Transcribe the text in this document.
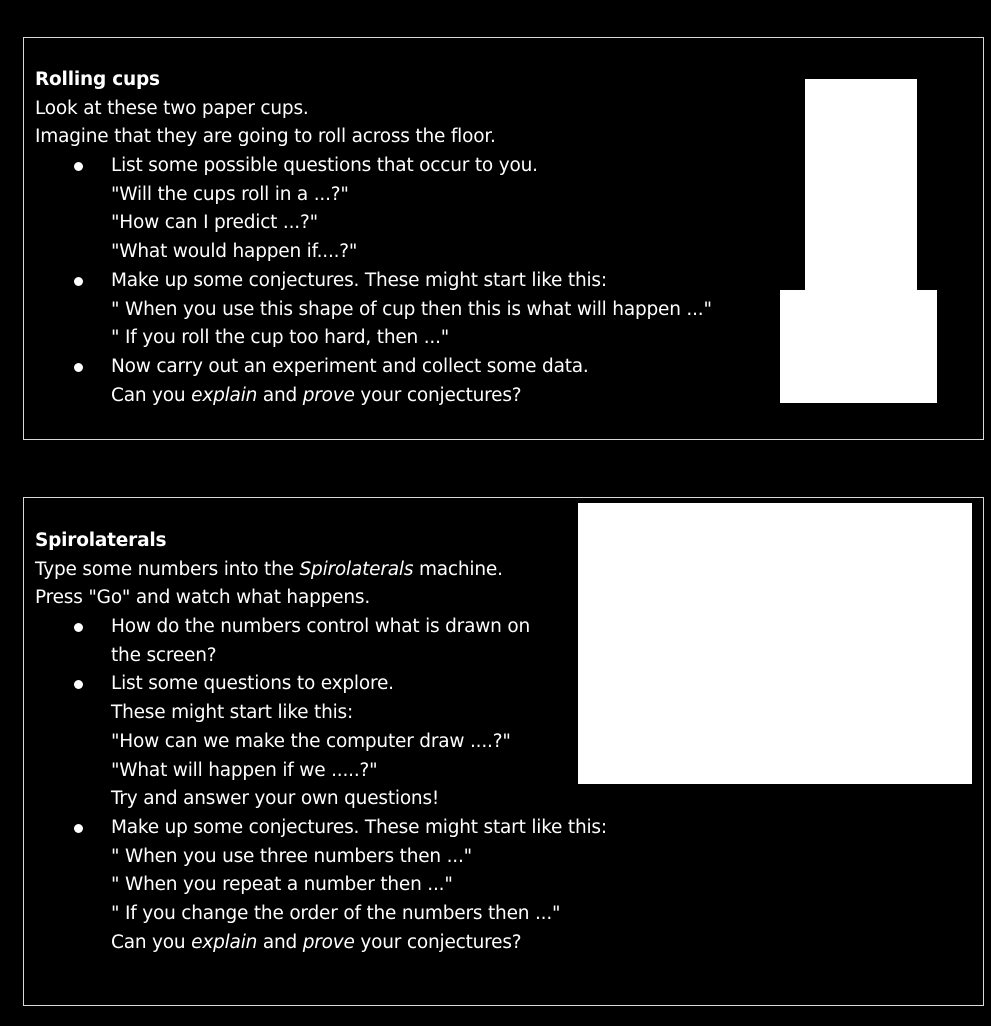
Rolling cups
Look at these two paper cups.
Imagine that they are going to roll across the floor.
List some possible questions that occur to you.
"Will the cups roll in a ...?"
"How can I predict ...?"
"What would happen if....?"
Make up some conjectures. These might start like this:
" When you use this shape of cup then this is what will happen ..."
" If you roll the cup too hard, then ..."
Now carry out an experiment and collect some data.
Can you explain and prove your conjectures?
Spirolaterals
Type some numbers into the Spirolaterals machine.
Press "Go" and watch what happens.
How do the numbers control what is drawn on
the screen?
List some questions to explore.
These might start like this:
"How can we make the computer draw ....?"
"What will happen if we .....?"
Try and answer your own questions!
Make up some conjectures. These might start like this:
" When you use three numbers then ..."
" When you repeat a number then ..."
" If you change the order of the numbers then ..."
Can you explain and prove your conjectures?
